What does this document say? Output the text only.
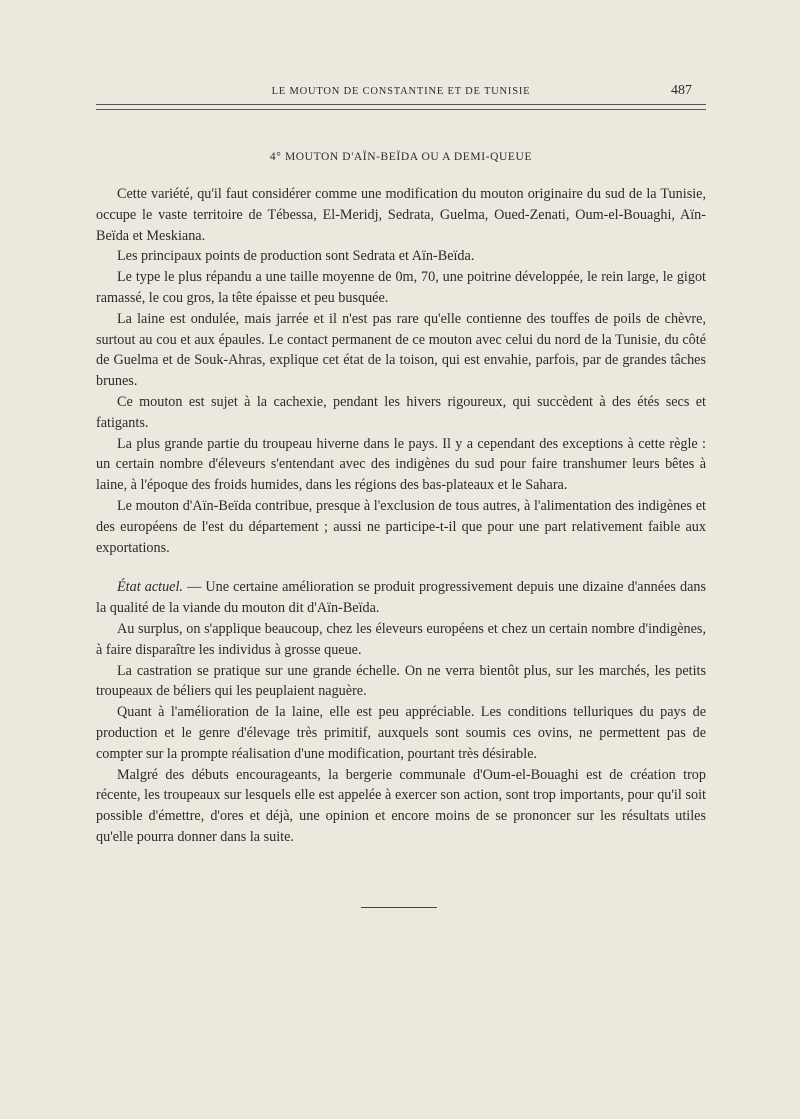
LE MOUTON DE CONSTANTINE ET DE TUNISIE	487
4° MOUTON D'AÏN-BEÏDA OU A DEMI-QUEUE

Cette variété, qu'il faut considérer comme une modification du mouton originaire du sud de la Tunisie, occupe le vaste territoire de Tébessa, El-Meridj, Sedrata, Guelma, Oued-Zenati, Oum-el-Bouaghi, Aïn-Beïda et Meskiana.

Les principaux points de production sont Sedrata et Aïn-Beïda.

Le type le plus répandu a une taille moyenne de 0m, 70, une poitrine développée, le rein large, le gigot ramassé, le cou gros, la tête épaisse et peu busquée.

La laine est ondulée, mais jarrée et il n'est pas rare qu'elle contienne des touffes de poils de chèvre, surtout au cou et aux épaules. Le contact permanent de ce mouton avec celui du nord de la Tunisie, du côté de Guelma et de Souk-Ahras, explique cet état de la toison, qui est envahie, parfois, par de grandes tâches brunes.

Ce mouton est sujet à la cachexie, pendant les hivers rigoureux, qui succèdent à des étés secs et fatigants.

La plus grande partie du troupeau hiverne dans le pays. Il y a cependant des exceptions à cette règle : un certain nombre d'éleveurs s'entendant avec des indigènes du sud pour faire transhumer leurs bêtes à laine, à l'époque des froids humides, dans les régions des bas-plateaux et le Sahara.

Le mouton d'Aïn-Beïda contribue, presque à l'exclusion de tous autres, à l'alimentation des indigènes et des européens de l'est du département ; aussi ne participe-t-il que pour une part relativement faible aux exportations.

État actuel. — Une certaine amélioration se produit progressivement depuis une dizaine d'années dans la qualité de la viande du mouton dit d'Aïn-Beïda.

Au surplus, on s'applique beaucoup, chez les éleveurs européens et chez un certain nombre d'indigènes, à faire disparaître les individus à grosse queue.

La castration se pratique sur une grande échelle. On ne verra bientôt plus, sur les marchés, les petits troupeaux de béliers qui les peuplaient naguère.

Quant à l'amélioration de la laine, elle est peu appréciable. Les conditions telluriques du pays de production et le genre d'élevage très primitif, auxquels sont soumis ces ovins, ne permettent pas de compter sur la prompte réalisation d'une modification, pourtant très désirable.

Malgré des débuts encourageants, la bergerie communale d'Oum-el-Bouaghi est de création trop récente, les troupeaux sur lesquels elle est appelée à exercer son action, sont trop importants, pour qu'il soit possible d'émettre, d'ores et déjà, une opinion et encore moins de se prononcer sur les résultats utiles qu'elle pourra donner dans la suite.
